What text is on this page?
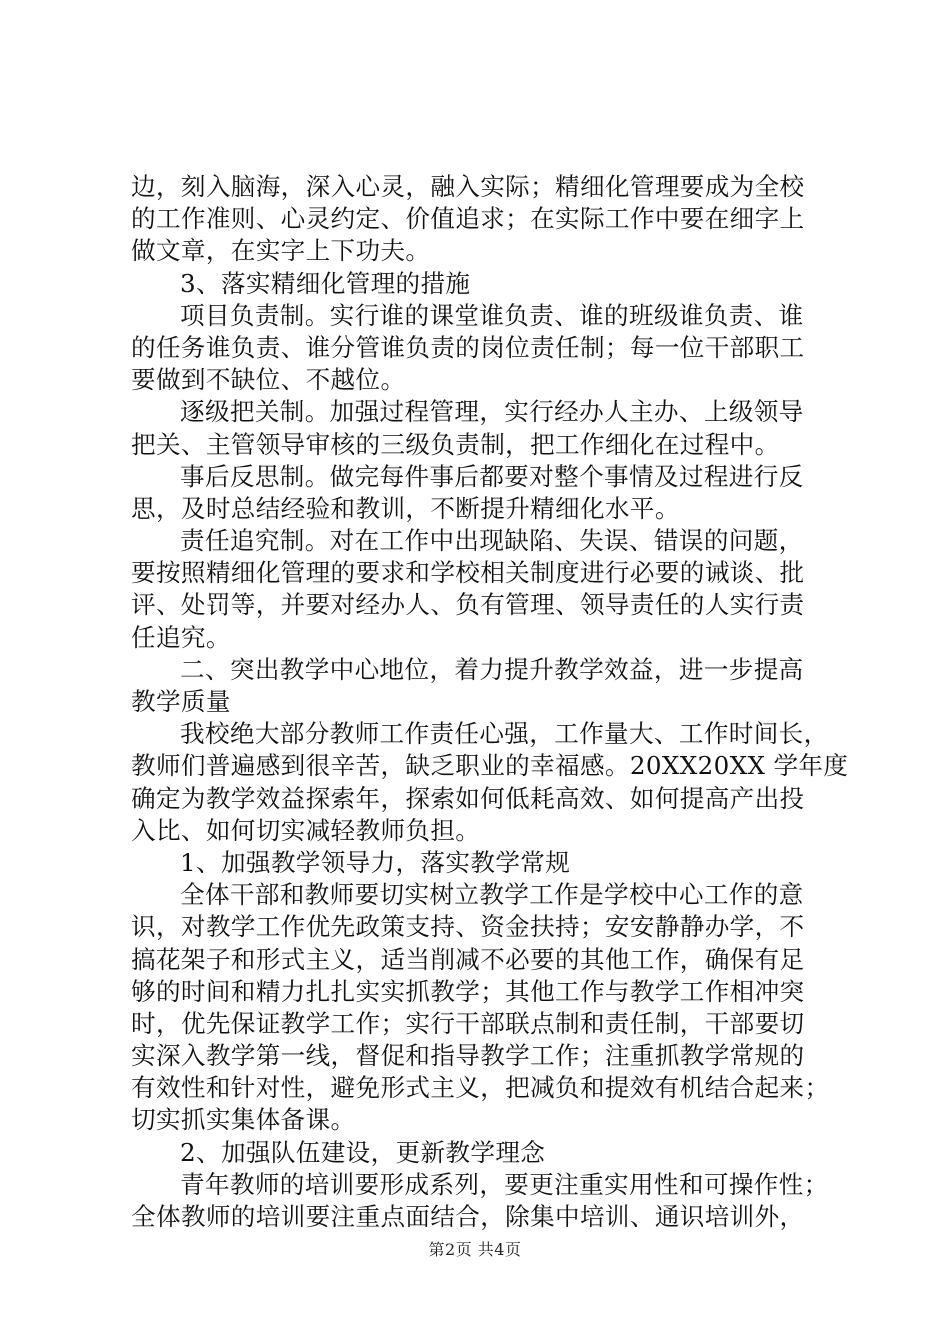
边，刻入脑海，深入心灵，融入实际；精细化管理要成为全校
的工作准则、心灵约定、价值追求；在实际工作中要在细字上
做文章，在实字上下功夫。
3、落实精细化管理的措施
项目负责制。实行谁的课堂谁负责、谁的班级谁负责、谁
的任务谁负责、谁分管谁负责的岗位责任制；每一位干部职工
要做到不缺位、不越位。
逐级把关制。加强过程管理，实行经办人主办、上级领导
把关、主管领导审核的三级负责制，把工作细化在过程中。
事后反思制。做完每件事后都要对整个事情及过程进行反
思，及时总结经验和教训，不断提升精细化水平。
责任追究制。对在工作中出现缺陷、失误、错误的问题，
要按照精细化管理的要求和学校相关制度进行必要的诫谈、批
评、处罚等，并要对经办人、负有管理、领导责任的人实行责
任追究。
二、突出教学中心地位，着力提升教学效益，进一步提高
教学质量
我校绝大部分教师工作责任心强，工作量大、工作时间长，
教师们普遍感到很辛苦，缺乏职业的幸福感。20XX20XX 学年度
确定为教学效益探索年，探索如何低耗高效、如何提高产出投
入比、如何切实减轻教师负担。
1、加强教学领导力，落实教学常规
全体干部和教师要切实树立教学工作是学校中心工作的意
识，对教学工作优先政策支持、资金扶持；安安静静办学，不
搞花架子和形式主义，适当削减不必要的其他工作，确保有足
够的时间和精力扎扎实实抓教学；其他工作与教学工作相冲突
时，优先保证教学工作；实行干部联点制和责任制，干部要切
实深入教学第一线，督促和指导教学工作；注重抓教学常规的
有效性和针对性，避免形式主义，把减负和提效有机结合起来；
切实抓实集体备课。
2、加强队伍建设，更新教学理念
青年教师的培训要形成系列，要更注重实用性和可操作性；
全体教师的培训要注重点面结合，除集中培训、通识培训外，
第2页 共4页
